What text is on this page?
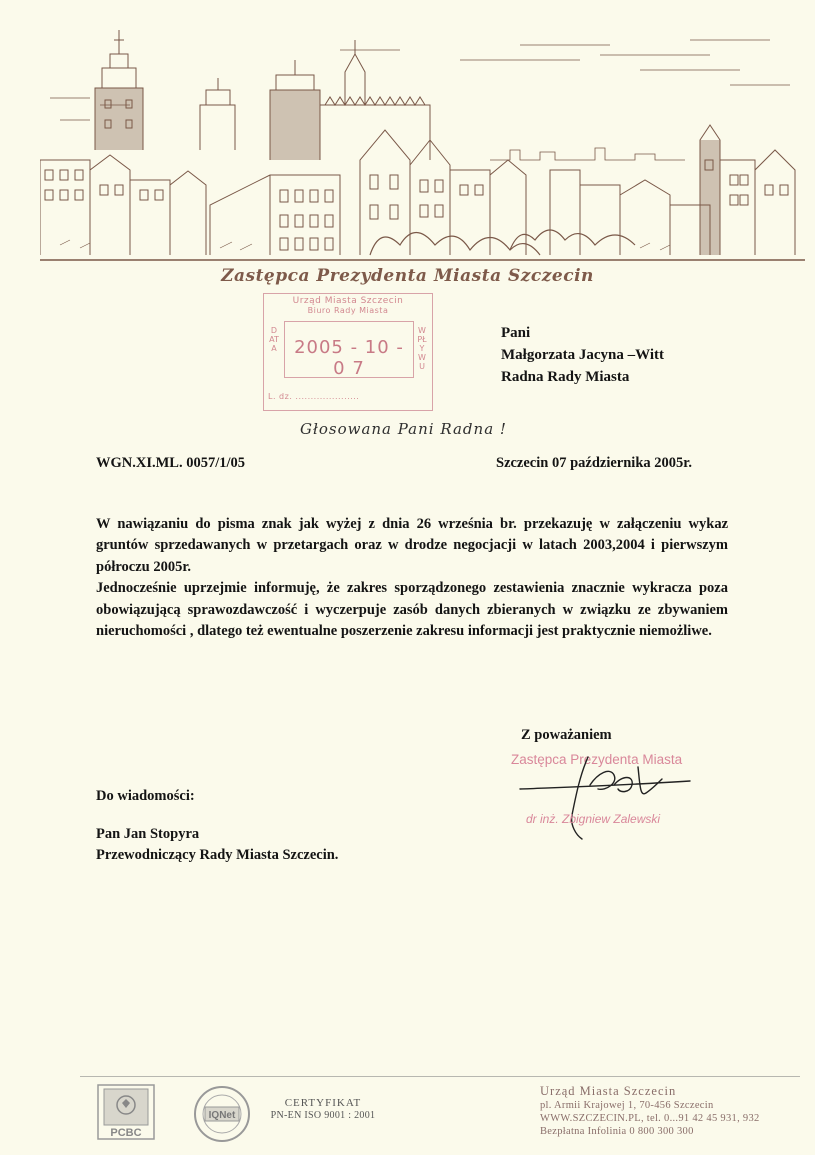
Zastępca Prezydenta Miasta Szczecin
Urząd Miasta Szczecin
Biuro Rady Miasta
DATA 2005 - 10 - 0 7
WPŁYWU
L. dz. .....................
Pani
Małgorzata Jacyna –Witt
Radna Rady Miasta
Głosowana Pani Radna !
WGN.XI.ML. 0057/1/05	Szczecin 07 października 2005r.

W nawiązaniu do pisma znak jak wyżej z dnia 26 września br. przekazuję w załączeniu wykaz gruntów sprzedawanych w przetargach oraz w drodze negocjacji w latach 2003,2004 i pierwszym półroczu 2005r.

Jednocześnie uprzejmie informuję, że zakres sporządzonego zestawienia znacznie wykracza poza obowiązującą sprawozdawczość i wyczerpuje zasób danych zbieranych w związku ze zbywaniem nieruchomości , dlatego też ewentualne poszerzenie zakresu informacji jest praktycznie niemożliwe.

Z poważaniem
Zastępca Prezydenta Miasta
dr inż. Zbigniew Zalewski
Do wiadomości:
Pan Jan Stopyra
Przewodniczący Rady Miasta Szczecin.
PCBC
IQNet
CERTYFIKAT
PN-EN ISO 9001 : 2001
Urząd Miasta Szczecin
pl. Armii Krajowej 1, 70-456 Szczecin
WWW.SZCZECIN.PL, tel. 0...91 42 45 931, 932
Bezpłatna Infolinia 0 800 300 300
